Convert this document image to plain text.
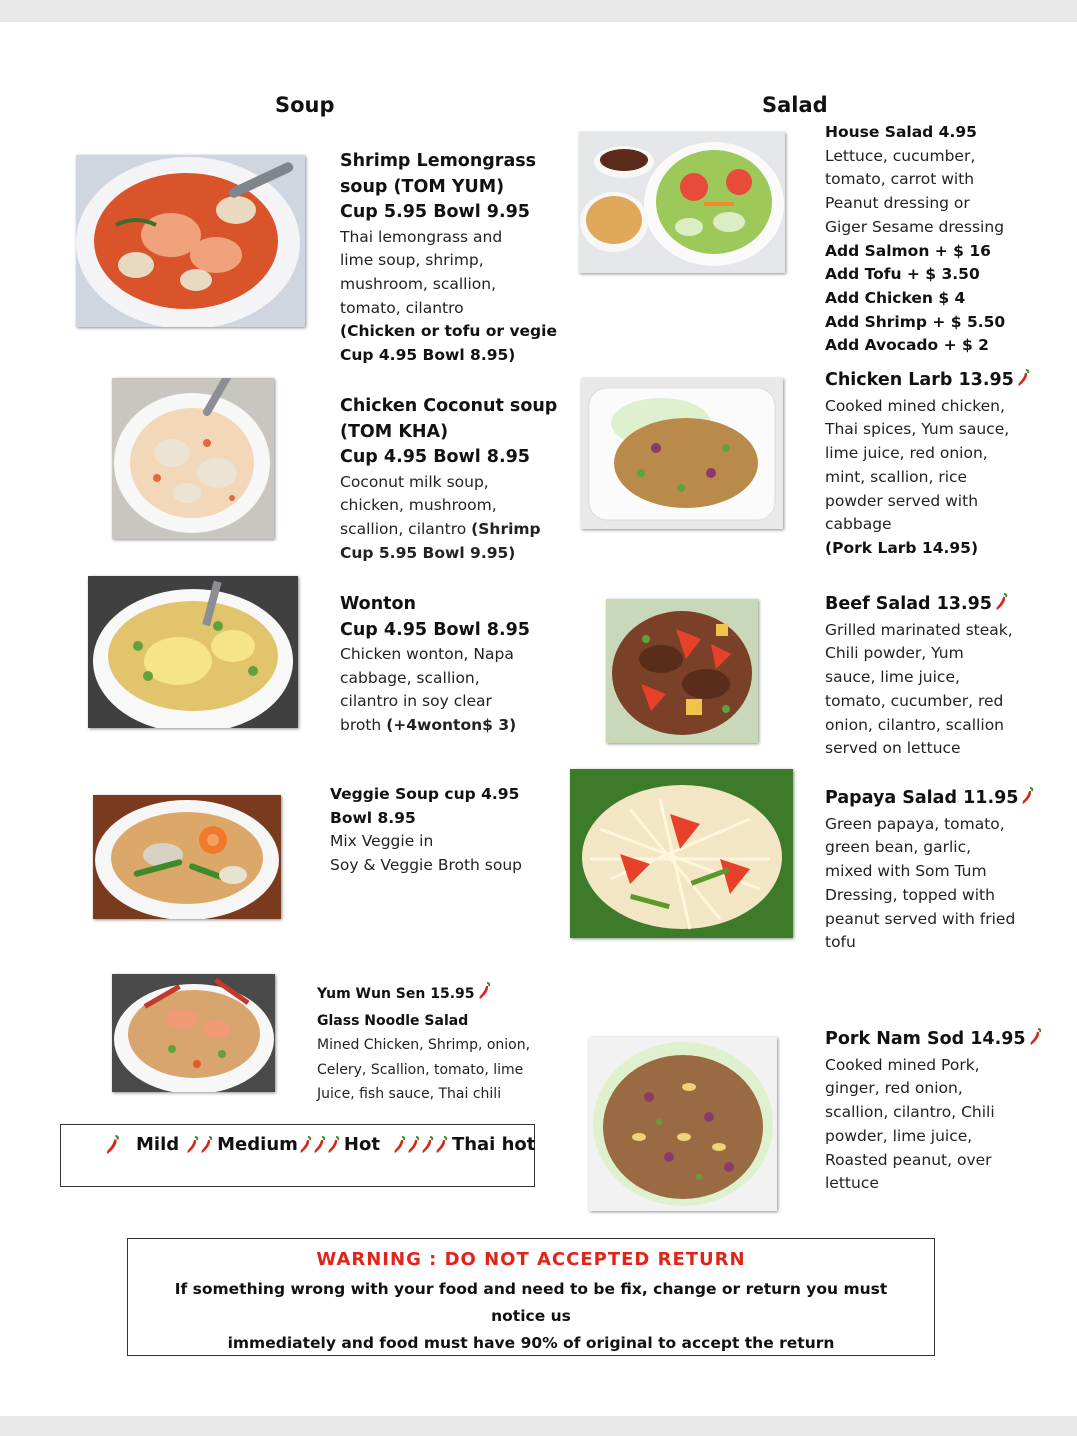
Soup	Salad
Shrimp Lemongrass
soup (TOM YUM)
Cup 5.95 Bowl 9.95
Thai lemongrass and
lime soup, shrimp,
mushroom, scallion,
tomato, cilantro
(Chicken or tofu or vegie
Cup 4.95 Bowl 8.95)
Chicken Coconut soup
(TOM KHA)
Cup 4.95 Bowl 8.95
Coconut milk soup,
chicken, mushroom,
scallion, cilantro (Shrimp
Cup 5.95 Bowl 9.95)
Wonton
Cup 4.95 Bowl 8.95
Chicken wonton, Napa
cabbage, scallion,
cilantro in soy clear
broth (+4wonton$ 3)
Veggie Soup cup 4.95
Bowl 8.95
Mix Veggie in
Soy & Veggie Broth soup
Yum Wun Sen 15.95
Glass Noodle Salad
Mined Chicken, Shrimp, onion,
Celery, Scallion, tomato, lime
Juice, fish sauce, Thai chili
House Salad 4.95
Lettuce, cucumber,
tomato, carrot with
Peanut dressing or
Giger Sesame dressing
Add Salmon + $ 16
Add Tofu + $ 3.50
Add Chicken $ 4
Add Shrimp + $ 5.50
Add Avocado + $ 2
Chicken Larb 13.95
Cooked mined chicken,
Thai spices, Yum sauce,
lime juice, red onion,
mint, scallion, rice
powder served with
cabbage
(Pork Larb 14.95)
Beef Salad 13.95
Grilled marinated steak,
Chili powder, Yum
sauce, lime juice,
tomato, cucumber, red
onion, cilantro, scallion
served on lettuce
Papaya Salad 11.95
Green papaya, tomato,
green bean, garlic,
mixed with Som Tum
Dressing, topped with
peanut served with fried
tofu
Pork Nam Sod 14.95
Cooked mined Pork,
ginger, red onion,
scallion, cilantro, Chili
powder, lime juice,
Roasted peanut, over
lettuce
Mild Medium	Hot	Thai hot
WARNING : DO NOT ACCEPTED RETURN
If something wrong with your food and need to be fix, change or return you must notice us
immediately and food must have 90% of original to accept the return
